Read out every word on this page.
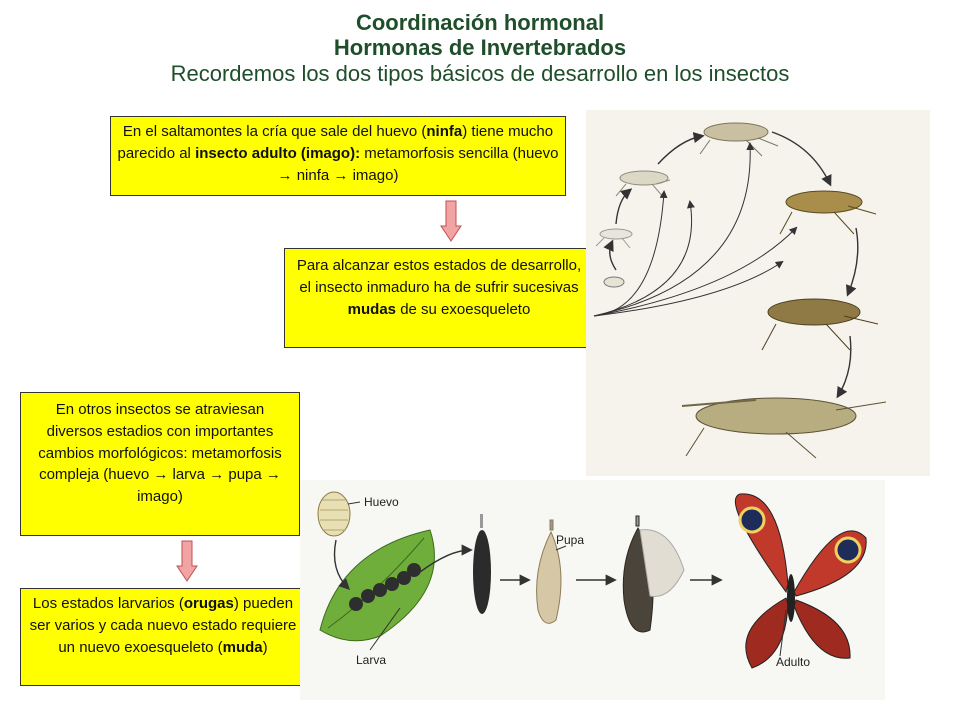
Coordinación hormonal
Hormonas de Invertebrados
Recordemos los dos tipos básicos de desarrollo en los insectos
En el saltamontes la cría que sale del huevo (ninfa) tiene mucho parecido al insecto adulto (imago): metamorfosis sencilla (huevo → ninfa → imago)
Para alcanzar estos estados de desarrollo, el insecto inmaduro ha de sufrir sucesivas mudas de su exoesqueleto
En otros insectos se atraviesan diversos estadios con importantes cambios morfológicos: metamorfosis compleja (huevo → larva → pupa → imago)
Los estados larvarios (orugas) pueden ser varios y cada nuevo estado requiere un nuevo exoesqueleto (muda)
Huevo
Pupa
Larva	Adulto
